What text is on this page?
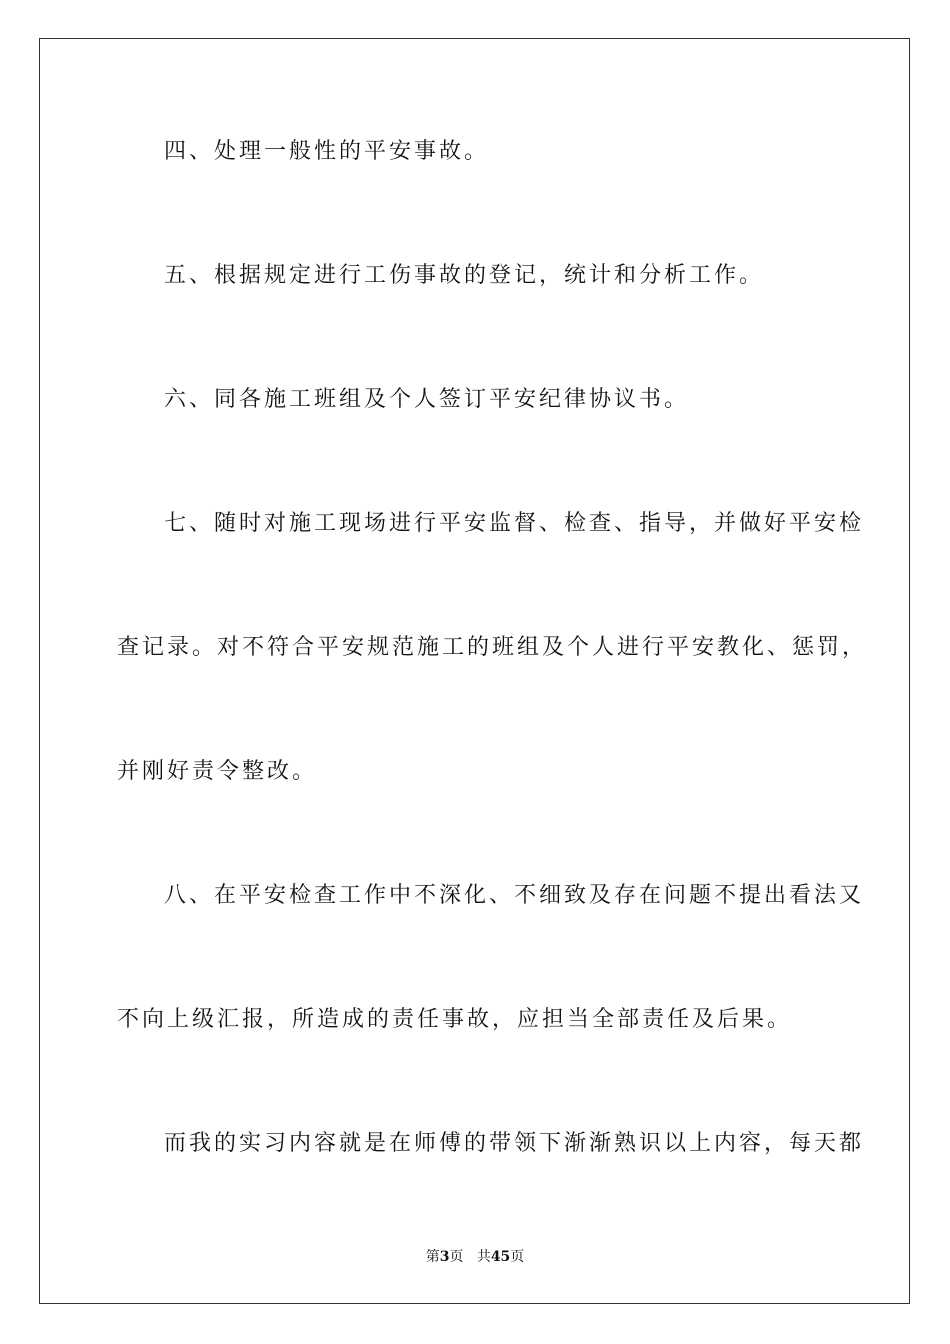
四、处理一般性的平安事故。
五、根据规定进行工伤事故的登记，统计和分析工作。
六、同各施工班组及个人签订平安纪律协议书。
七、随时对施工现场进行平安监督、检查、指导，并做好平安检
查记录。对不符合平安规范施工的班组及个人进行平安教化、惩罚，
并刚好责令整改。
八、在平安检查工作中不深化、不细致及存在问题不提出看法又
不向上级汇报，所造成的责任事故，应担当全部责任及后果。
而我的实习内容就是在师傅的带领下渐渐熟识以上内容，每天都
第3页 共45页
